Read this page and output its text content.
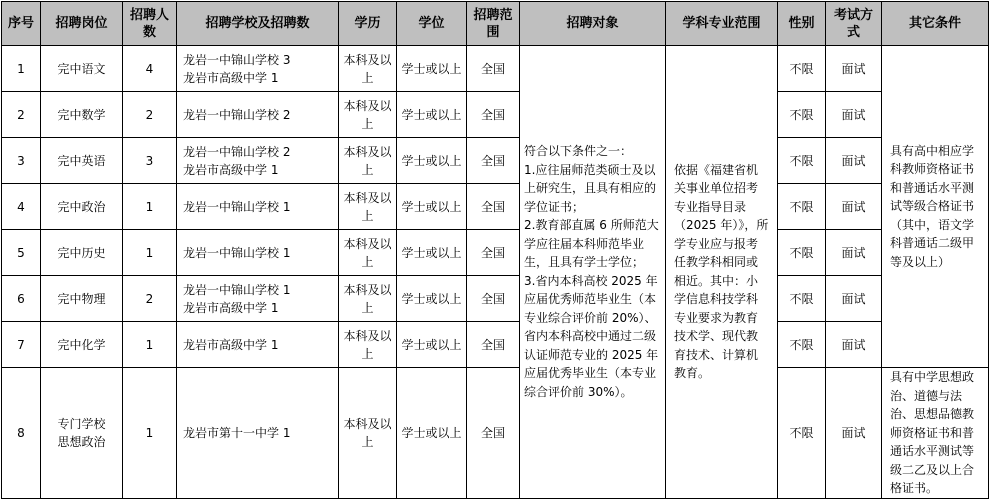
序号	招聘岗位	招聘人数	招聘学校及招聘数	学历	学位	招聘范围	招聘对象	学科专业范围	性别	考试方式	其它条件
1	完中语文	4	龙岩一中锦山学校 3
龙岩市高级中学 1	本科及以上	学士或以上	全国	符合以下条件之一：
1.应往届师范类硕士及以上研究生，且具有相应的学位证书；
2.教育部直属 6 所师范大学应往届本科师范毕业生，且具有学士学位；
3.省内本科高校 2025 年应届优秀师范毕业生（本专业综合评价前 20%）、省内本科高校中通过二级认证师范专业的 2025 年应届优秀毕业生（本专业综合评价前 30%）。	依据《福建省机关事业单位招考专业指导目录（2025 年）》，所学专业应与报考任教学科相同或相近。其中：小学信息科技学科专业要求为教育技术学、现代教育技术、计算机教育。	不限	面试	具有高中相应学科教师资格证书和普通话水平测试等级合格证书（其中，语文学科普通话二级甲等及以上）
2	完中数学	2	龙岩一中锦山学校 2	本科及以上	学士或以上	全国			不限	面试	
3	完中英语	3	龙岩一中锦山学校 2
龙岩市高级中学 1	本科及以上	学士或以上	全国			不限	面试	
4	完中政治	1	龙岩一中锦山学校 1	本科及以上	学士或以上	全国			不限	面试	
5	完中历史	1	龙岩一中锦山学校 1	本科及以上	学士或以上	全国			不限	面试	
6	完中物理	2	龙岩一中锦山学校 1
龙岩市高级中学 1	本科及以上	学士或以上	全国			不限	面试	
7	完中化学	1	龙岩市高级中学 1	本科及以上	学士或以上	全国			不限	面试	
8	专门学校
思想政治	1	龙岩市第十一中学 1	本科及以上	学士或以上	全国			不限	面试	具有中学思想政治、道德与法治、思想品德教师资格证书和普通话水平测试等级二乙及以上合格证书。
